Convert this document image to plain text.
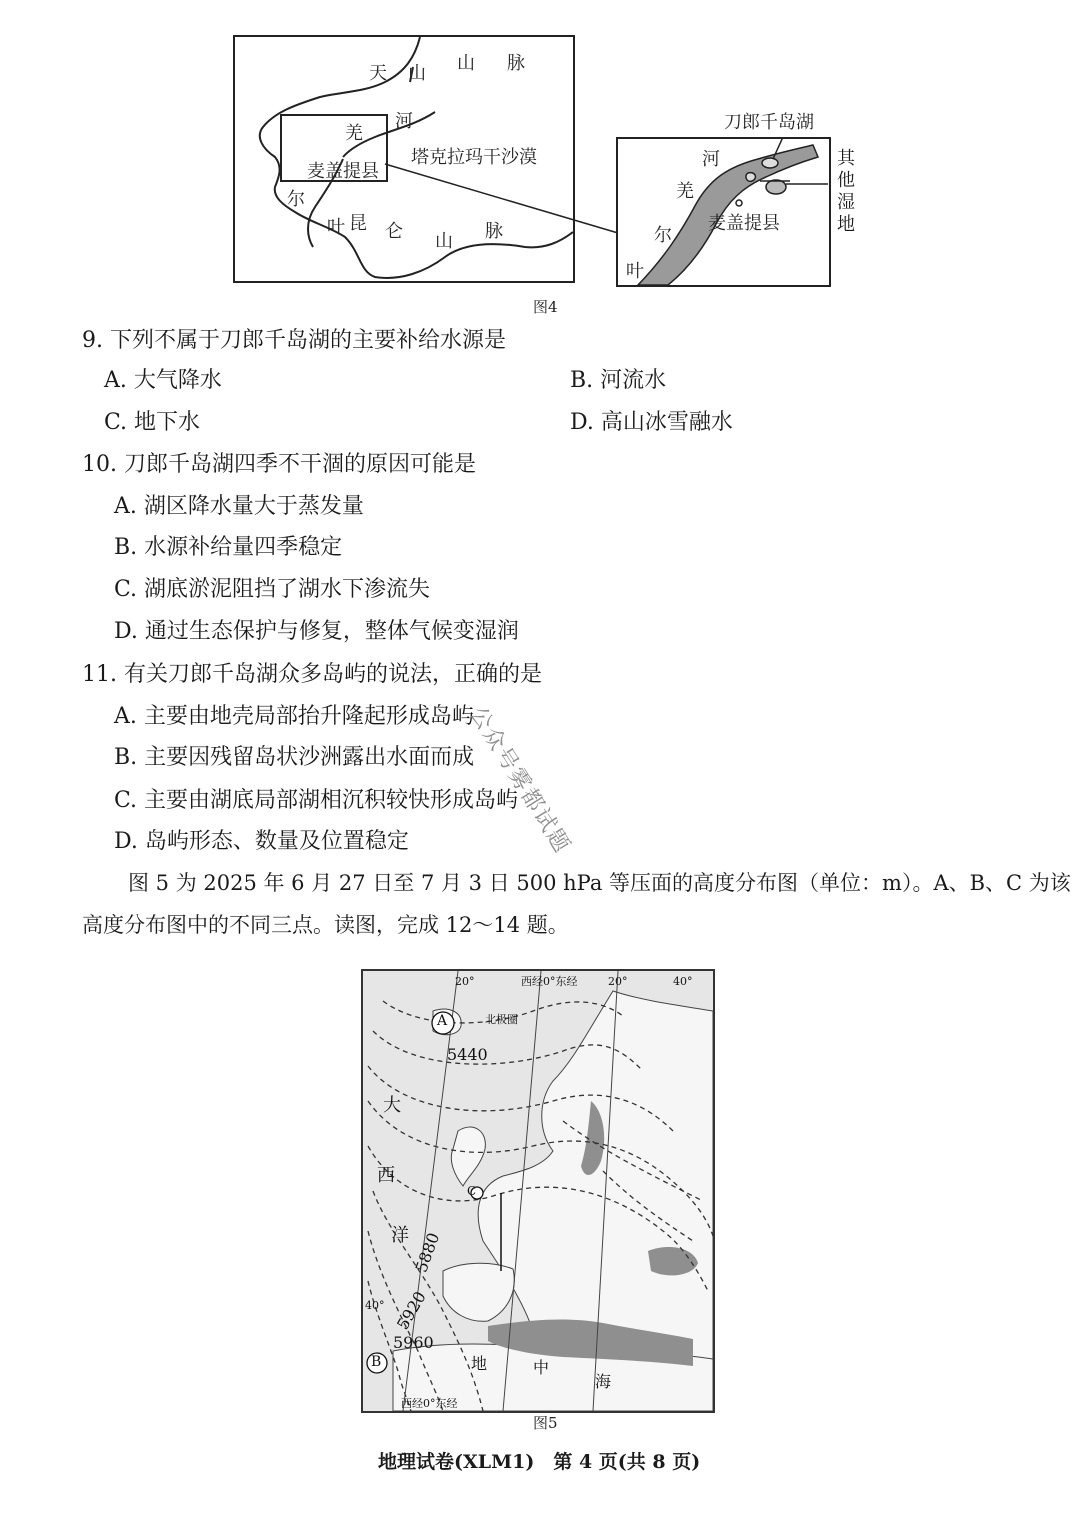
天 山 山 脉
羌
河
塔克拉玛干沙漠
麦盖提县
尔
叶 昆 仑 山 脉
河
羌
麦盖提县
尔
叶
刀郎千岛湖
其
他
湿
地
图4
9. 下列不属于刀郎千岛湖的主要补给水源是
A. 大气降水	B. 河流水
C. 地下水	D. 高山冰雪融水
10. 刀郎千岛湖四季不干涸的原因可能是
A. 湖区降水量大于蒸发量
B. 水源补给量四季稳定
C. 湖底淤泥阻挡了湖水下渗流失
D. 通过生态保护与修复，整体气候变湿润
11. 有关刀郎千岛湖众多岛屿的说法，正确的是
A. 主要由地壳局部抬升隆起形成岛屿
B. 主要因残留岛状沙洲露出水面而成
C. 主要由湖底局部湖相沉积较快形成岛屿
D. 岛屿形态、数量及位置稳定	公众号雾都试题
图 5 为 2025 年 6 月 27 日至 7 月 3 日 500 hPa 等压面的高度分布图（单位：m）。A、B、C 为该
高度分布图中的不同三点。读图，完成 12～14 题。
20°	西经0°东经	20°	40°
北极圈
A
B
C
5440
5880
5920
5960
40°
大
西
洋
地	中
海
西经0°东经
图5
地理试卷(XLM1)　第 4 页(共 8 页)
